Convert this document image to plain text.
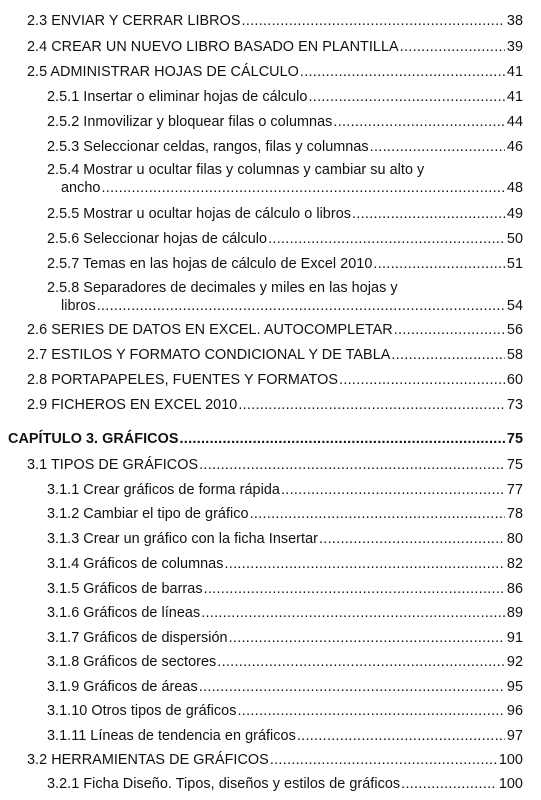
2.3 ENVIAR Y CERRAR LIBROS .....	38
2.4 CREAR UN NUEVO LIBRO BASADO EN PLANTILLA .....	39
2.5 ADMINISTRAR HOJAS DE CÁLCULO .....	41
2.5.1 Insertar o eliminar hojas de cálculo .....	41
2.5.2 Inmovilizar y bloquear filas o columnas .....	44
2.5.3 Seleccionar celdas, rangos, filas y columnas .....	46
2.5.4 Mostrar u ocultar filas y columnas y cambiar su alto y
ancho .....	48
2.5.5 Mostrar u ocultar hojas de cálculo o libros .....	49
2.5.6 Seleccionar hojas de cálculo .....	50
2.5.7 Temas en las hojas de cálculo de Excel 2010 .....	51
2.5.8 Separadores de decimales y miles en las hojas y
libros .....	54
2.6 SERIES DE DATOS EN EXCEL. AUTOCOMPLETAR .....	56
2.7 ESTILOS Y FORMATO CONDICIONAL Y DE TABLA .....	58
2.8 PORTAPAPELES, FUENTES Y FORMATOS .....	60
2.9 FICHEROS EN EXCEL 2010 .....	73
CAPÍTULO 3. GRÁFICOS .....	75
3.1 TIPOS DE GRÁFICOS .....	75
3.1.1 Crear gráficos de forma rápida .....	77
3.1.2 Cambiar el tipo de gráfico .....	78
3.1.3 Crear un gráfico con la ficha Insertar .....	80
3.1.4 Gráficos de columnas .....	82
3.1.5 Gráficos de barras .....	86
3.1.6 Gráficos de líneas .....	89
3.1.7 Gráficos de dispersión .....	91
3.1.8 Gráficos de sectores .....	92
3.1.9 Gráficos de áreas .....	95
3.1.10 Otros tipos de gráficos .....	96
3.1.11 Líneas de tendencia en gráficos .....	97
3.2 HERRAMIENTAS DE GRÁFICOS .....	100
3.2.1 Ficha Diseño. Tipos, diseños y estilos de gráficos .....	100
